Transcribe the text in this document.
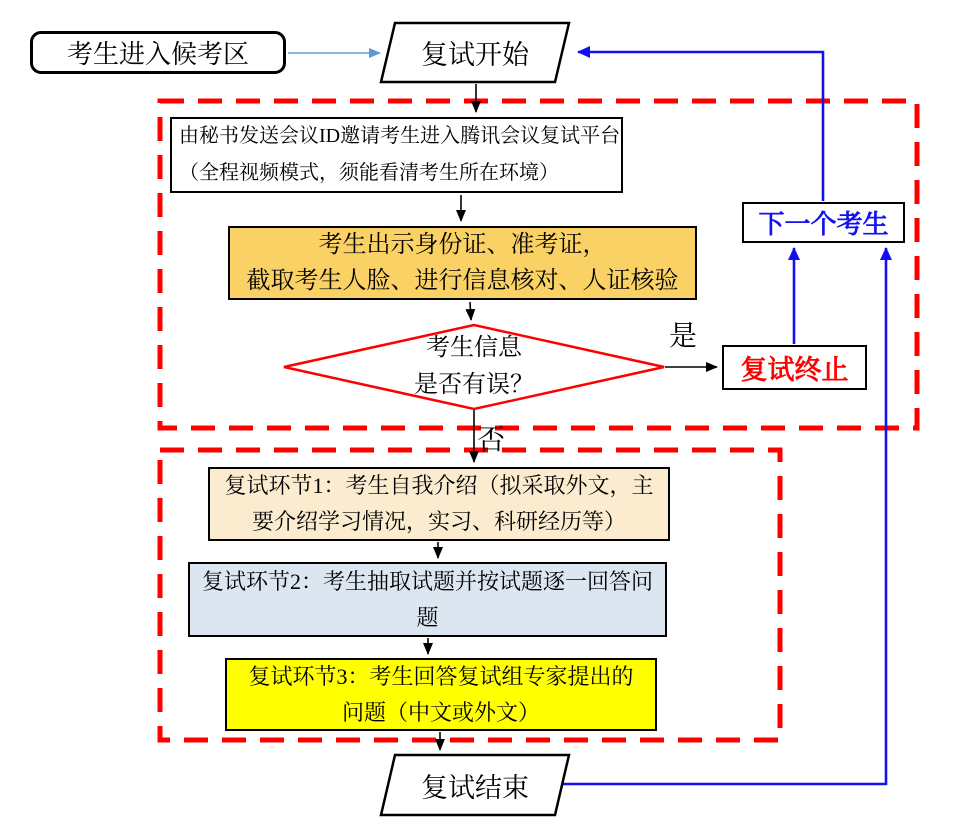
考生进入候考区	复试开始
由秘书发送会议ID邀请考生进入腾讯会议复试平台
（全程视频模式，须能看清考生所在环境）
考生出示身份证、准考证，
截取考生人脸、进行信息核对、人证核验
考生信息
是否有误？
是
否
复试终止
下一个考生
复试环节1：考生自我介绍（拟采取外文，主
要介绍学习情况，实习、科研经历等）
复试环节2：考生抽取试题并按试题逐一回答问
题
复试环节3：考生回答复试组专家提出的
问题（中文或外文）
复试结束
